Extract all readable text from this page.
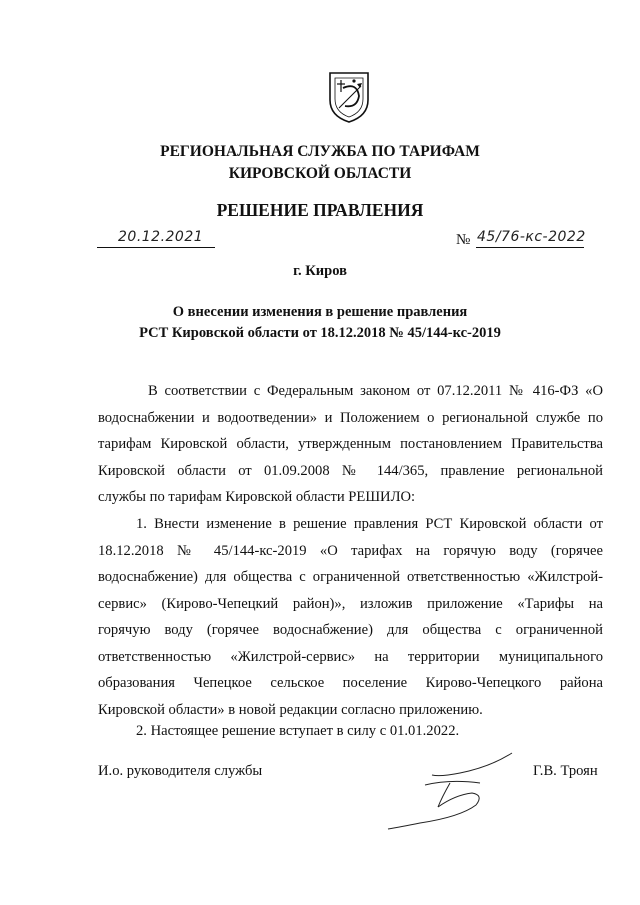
РЕГИОНАЛЬНАЯ СЛУЖБА ПО ТАРИФАМ
КИРОВСКОЙ ОБЛАСТИ
РЕШЕНИЕ ПРАВЛЕНИЯ
20.12.2021	№ 45/76-кс-2022
г. Киров
О внесении изменения в решение правления
РСТ Кировской области от 18.12.2018 № 45/144-кс-2019
В соответствии с Федеральным законом от 07.12.2011 № 416-ФЗ «О
водоснабжении и водоотведении» и Положением о региональной службе по
тарифам Кировской области, утвержденным постановлением Правительства
Кировской области от 01.09.2008 № 144/365, правление региональной
службы по тарифам Кировской области РЕШИЛО:
1. Внести изменение в решение правления РСТ Кировской области от
18.12.2018 № 45/144-кс-2019 «О тарифах на горячую воду (горячее
водоснабжение) для общества с ограниченной ответственностью «Жилстрой-
сервис» (Кирово-Чепецкий район)», изложив приложение «Тарифы на
горячую воду (горячее водоснабжение) для общества с ограниченной
ответственностью «Жилстрой-сервис» на территории муниципального
образования Чепецкое сельское поселение Кирово-Чепецкого района
Кировской области» в новой редакции согласно приложению.
2. Настоящее решение вступает в силу с 01.01.2022.
И.о. руководителя службы	Г.В. Троян
